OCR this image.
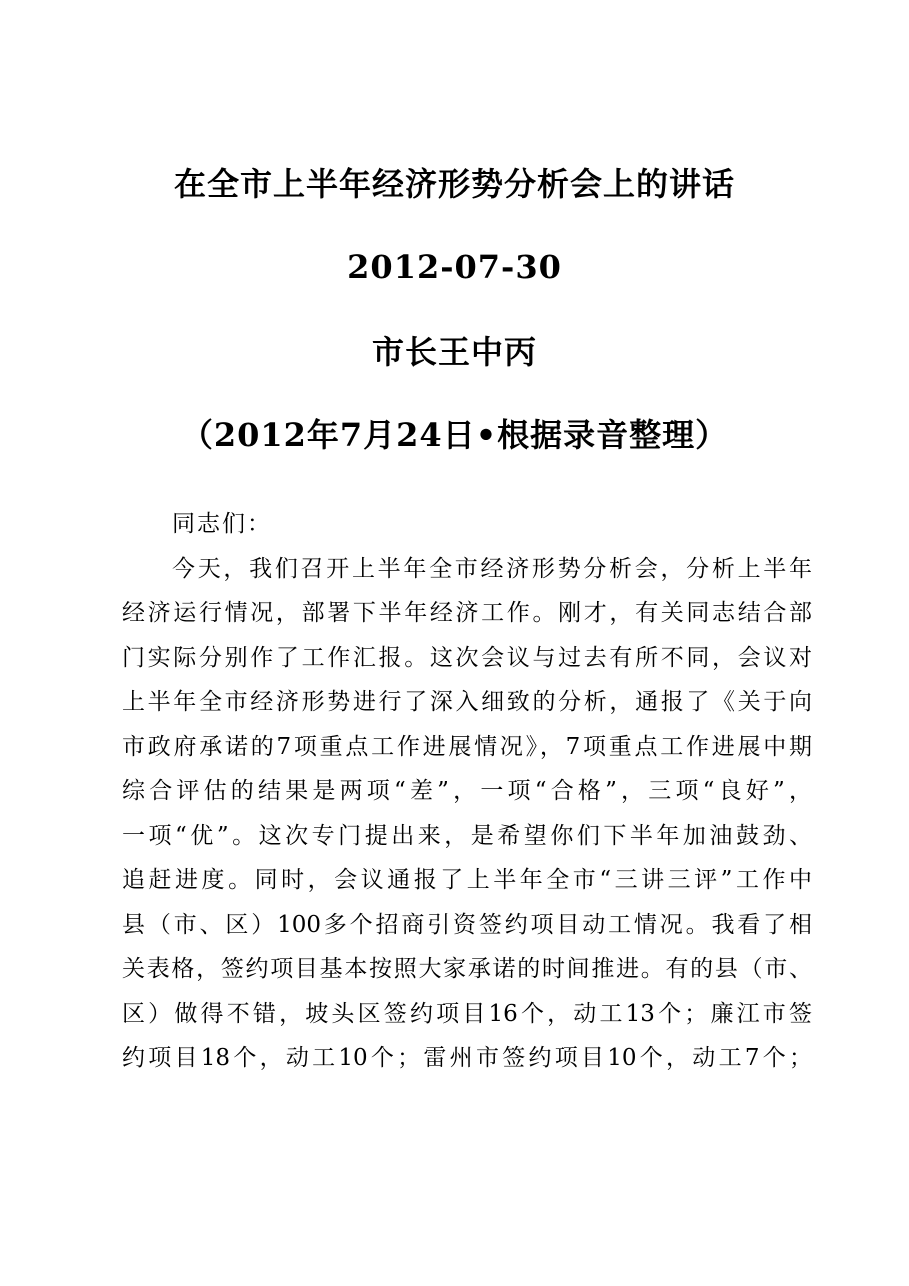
在全市上半年经济形势分析会上的讲话
2012-07-30
市长王中丙
（2012年7月24日•根据录音整理）
同志们：
今天，我们召开上半年全市经济形势分析会，分析上半年
经济运行情况，部署下半年经济工作。刚才，有关同志结合部
门实际分别作了工作汇报。这次会议与过去有所不同，会议对
上半年全市经济形势进行了深入细致的分析，通报了《关于向
市政府承诺的7项重点工作进展情况》，7项重点工作进展中期
综合评估的结果是两项“差”，一项“合格”，三项“良好”，
一项“优”。这次专门提出来，是希望你们下半年加油鼓劲、
追赶进度。同时，会议通报了上半年全市“三讲三评”工作中
县（市、区）100多个招商引资签约项目动工情况。我看了相
关表格，签约项目基本按照大家承诺的时间推进。有的县（市、
区）做得不错，坡头区签约项目16个，动工13个；廉江市签
约项目18个，动工10个；雷州市签约项目10个，动工7个；
